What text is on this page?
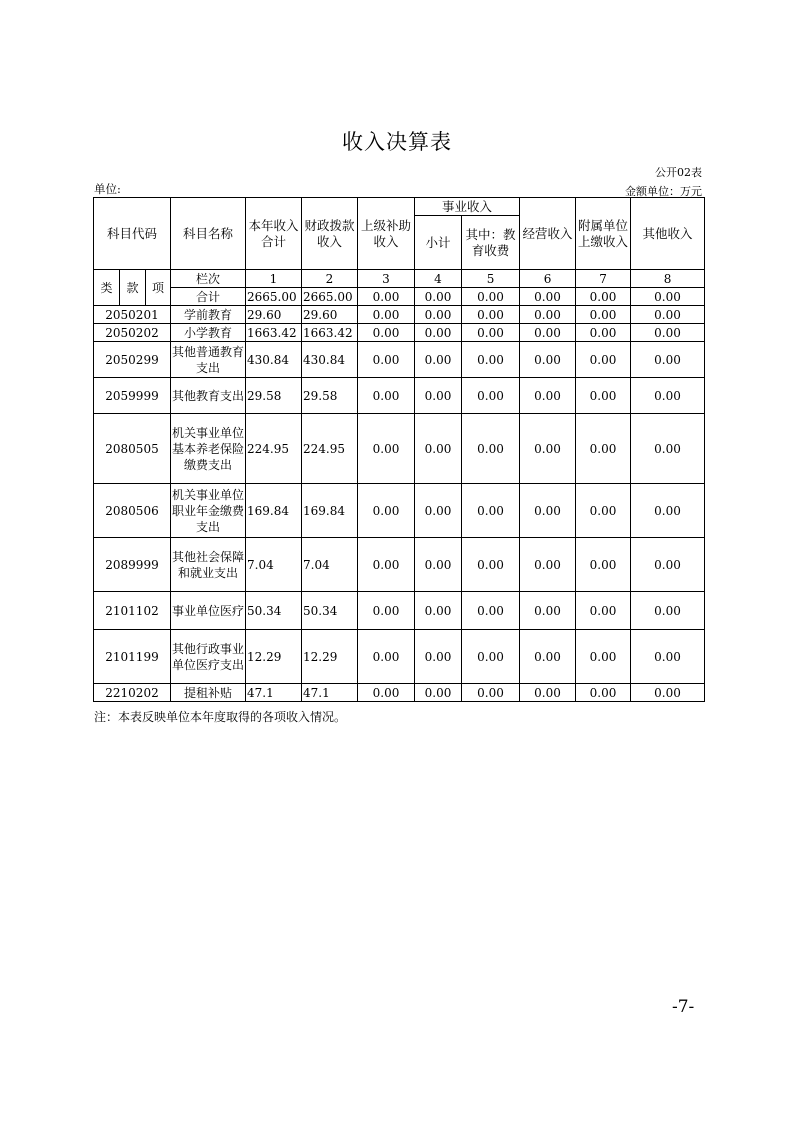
收入决算表
公开02表
单位:	金额单位：万元
科目代码			科目名称	本年收入合计	财政拨款收入	上级补助收入	事业收入		经营收入	附属单位上缴收入	其他收入
							小计	其中：教育收费			

类	款	项	栏次	1	2	3	4	5	6	7	8
			合计	2665.00	2665.00	0.00	0.00	0.00	0.00	0.00	0.00
2050201			学前教育	29.60	29.60	0.00	0.00	0.00	0.00	0.00	0.00
2050202			小学教育	1663.42	1663.42	0.00	0.00	0.00	0.00	0.00	0.00
2050299			其他普通教育支出	430.84	430.84	0.00	0.00	0.00	0.00	0.00	0.00
2059999			其他教育支出	29.58	29.58	0.00	0.00	0.00	0.00	0.00	0.00
2080505			机关事业单位基本养老保险缴费支出	224.95	224.95	0.00	0.00	0.00	0.00	0.00	0.00
2080506			机关事业单位职业年金缴费支出	169.84	169.84	0.00	0.00	0.00	0.00	0.00	0.00
2089999			其他社会保障和就业支出	7.04	7.04	0.00	0.00	0.00	0.00	0.00	0.00
2101102			事业单位医疗	50.34	50.34	0.00	0.00	0.00	0.00	0.00	0.00
2101199			其他行政事业单位医疗支出	12.29	12.29	0.00	0.00	0.00	0.00	0.00	0.00
2210202			提租补贴	47.1	47.1	0.00	0.00	0.00	0.00	0.00	0.00
注：本表反映单位本年度取得的各项收入情况。
-7-
